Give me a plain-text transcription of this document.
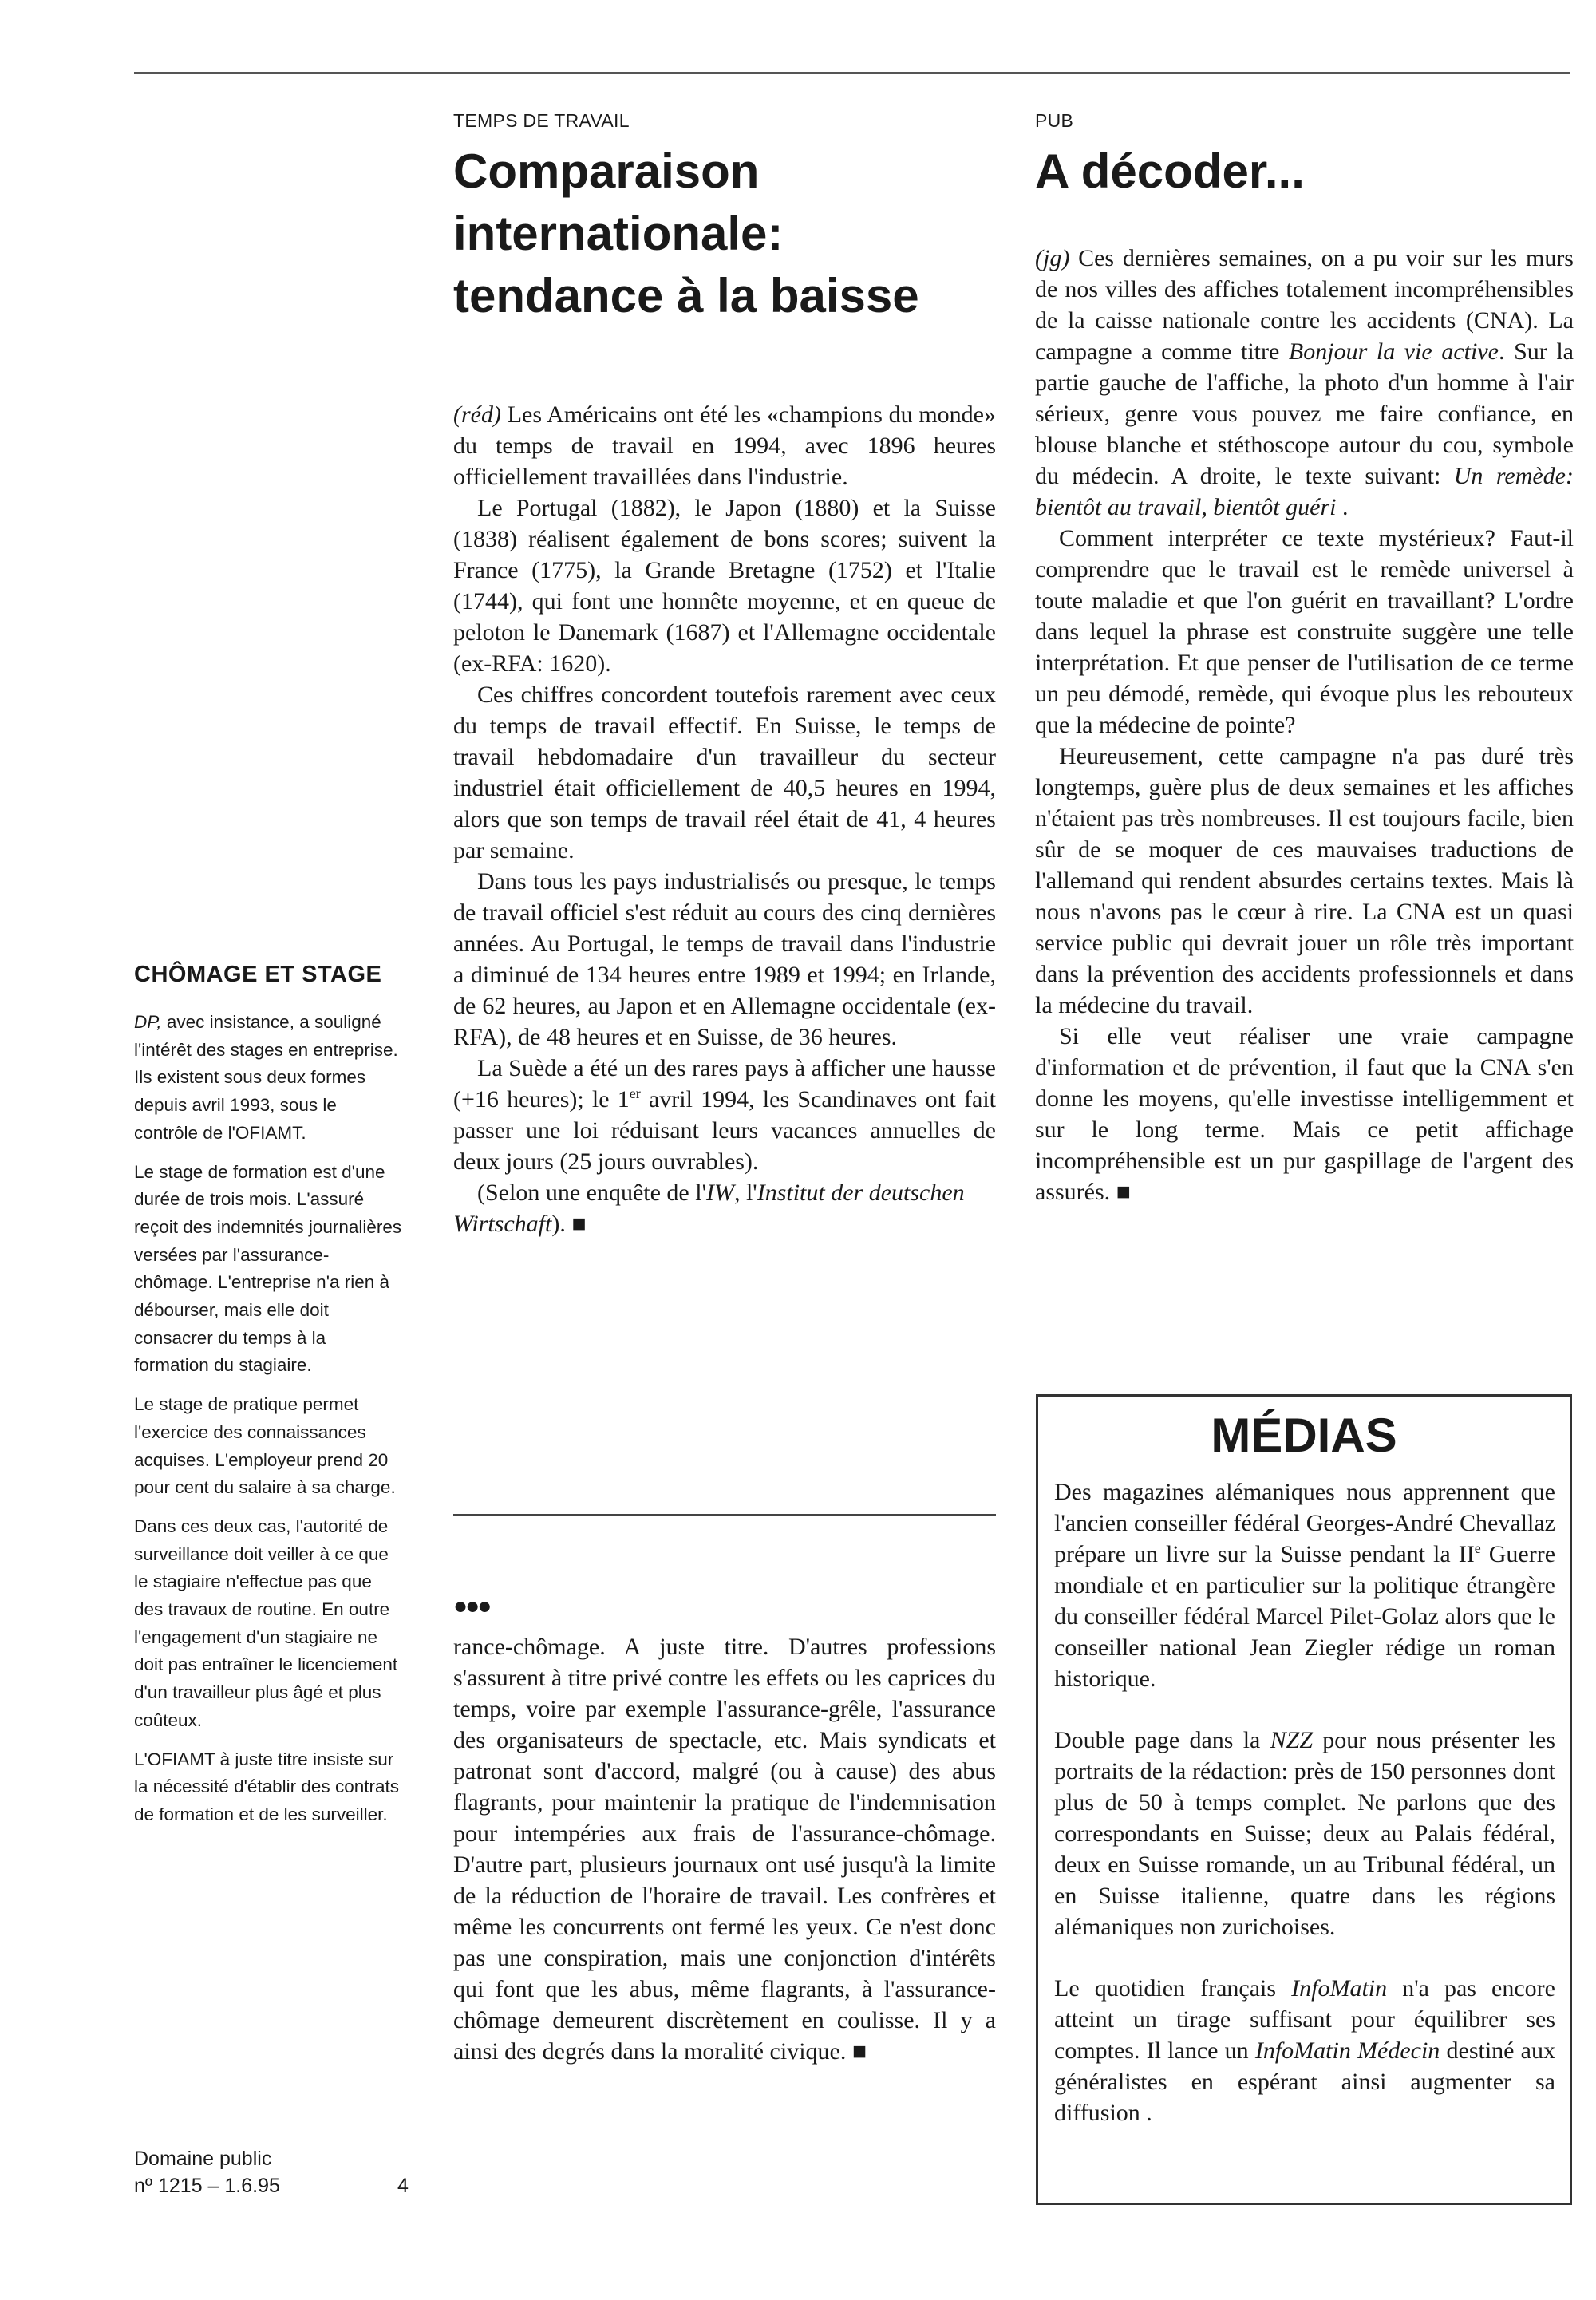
CHÔMAGE ET STAGE

DP, avec insistance, a souligné l'intérêt des stages en entreprise. Ils existent sous deux formes depuis avril 1993, sous le contrôle de l'OFIAMT.

Le stage de formation est d'une durée de trois mois. L'assuré reçoit des indemnités journalières versées par l'assurance-chômage. L'entreprise n'a rien à débourser, mais elle doit consacrer du temps à la formation du stagiaire.

Le stage de pratique permet l'exercice des connaissances acquises. L'employeur prend 20 pour cent du salaire à sa charge.

Dans ces deux cas, l'autorité de surveillance doit veiller à ce que le stagiaire n'effectue pas que des travaux de routine. En outre l'engagement d'un stagiaire ne doit pas entraîner le licenciement d'un travailleur plus âgé et plus coûteux.

L'OFIAMT à juste titre insiste sur la nécessité d'établir des contrats de formation et de les surveiller.

Domaine public
nº 1215 – 1.6.95	4
TEMPS DE TRAVAIL
Comparaison
internationale:
tendance à la baisse

(réd) Les Américains ont été les «champions du monde» du temps de travail en 1994, avec 1896 heures officiellement travaillées dans l'industrie.

Le Portugal (1882), le Japon (1880) et la Suisse (1838) réalisent également de bons scores; suivent la France (1775), la Grande Bretagne (1752) et l'Italie (1744), qui font une honnête moyenne, et en queue de peloton le Danemark (1687) et l'Allemagne occidentale (ex-RFA: 1620).

Ces chiffres concordent toutefois rarement avec ceux du temps de travail effectif. En Suisse, le temps de travail hebdomadaire d'un travailleur du secteur industriel était officiellement de 40,5 heures en 1994, alors que son temps de travail réel était de 41, 4 heures par semaine.

Dans tous les pays industrialisés ou presque, le temps de travail officiel s'est réduit au cours des cinq dernières années. Au Portugal, le temps de travail dans l'industrie a diminué de 134 heures entre 1989 et 1994; en Irlande, de 62 heures, au Japon et en Allemagne occidentale (ex-RFA), de 48 heures et en Suisse, de 36 heures.

La Suède a été un des rares pays à afficher une hausse (+16 heures); le 1er avril 1994, les Scandinaves ont fait passer une loi réduisant leurs vacances annuelles de deux jours (25 jours ouvrables).

(Selon une enquête de l'IW, l'Institut der deutschen Wirtschaft). ■

●●●

rance-chômage. A juste titre. D'autres professions s'assurent à titre privé contre les effets ou les caprices du temps, voire par exemple l'assurance-grêle, l'assurance des organisateurs de spectacle, etc. Mais syndicats et patronat sont d'accord, malgré (ou à cause) des abus flagrants, pour maintenir la pratique de l'indemnisation pour intempéries aux frais de l'assurance-chômage. D'autre part, plusieurs journaux ont usé jusqu'à la limite de la réduction de l'horaire de travail. Les confrères et même les concurrents ont fermé les yeux. Ce n'est donc pas une conspiration, mais une conjonction d'intérêts qui font que les abus, même flagrants, à l'assurance-chômage demeurent discrètement en coulisse. Il y a ainsi des degrés dans la moralité civique. ■

PUB
A décoder...

(jg) Ces dernières semaines, on a pu voir sur les murs de nos villes des affiches totalement incompréhensibles de la caisse nationale contre les accidents (CNA). La campagne a comme titre Bonjour la vie active. Sur la partie gauche de l'affiche, la photo d'un homme à l'air sérieux, genre vous pouvez me faire confiance, en blouse blanche et stéthoscope autour du cou, symbole du médecin. A droite, le texte suivant: Un remède: bientôt au travail, bientôt guéri .

Comment interpréter ce texte mystérieux? Faut-il comprendre que le travail est le remède universel à toute maladie et que l'on guérit en travaillant? L'ordre dans lequel la phrase est construite suggère une telle interprétation. Et que penser de l'utilisation de ce terme un peu démodé, remède, qui évoque plus les rebouteux que la médecine de pointe?

Heureusement, cette campagne n'a pas duré très longtemps, guère plus de deux semaines et les affiches n'étaient pas très nombreuses. Il est toujours facile, bien sûr de se moquer de ces mauvaises traductions de l'allemand qui rendent absurdes certains textes. Mais là nous n'avons pas le cœur à rire. La CNA est un quasi service public qui devrait jouer un rôle très important dans la prévention des accidents professionnels et dans la médecine du travail.

Si elle veut réaliser une vraie campagne d'information et de prévention, il faut que la CNA s'en donne les moyens, qu'elle investisse intelligemment et sur le long terme. Mais ce petit affichage incompréhensible est un pur gaspillage de l'argent des assurés. ■

MÉDIAS

Des magazines alémaniques nous apprennent que l'ancien conseiller fédéral Georges-André Chevallaz prépare un livre sur la Suisse pendant la IIe Guerre mondiale et en particulier sur la politique étrangère du conseiller fédéral Marcel Pilet-Golaz alors que le conseiller national Jean Ziegler rédige un roman historique.

Double page dans la NZZ pour nous présenter les portraits de la rédaction: près de 150 personnes dont plus de 50 à temps complet. Ne parlons que des correspondants en Suisse; deux au Palais fédéral, deux en Suisse romande, un au Tribunal fédéral, un en Suisse italienne, quatre dans les régions alémaniques non zurichoises.

Le quotidien français InfoMatin n'a pas encore atteint un tirage suffisant pour équilibrer ses comptes. Il lance un InfoMatin Médecin destiné aux généralistes en espérant ainsi augmenter sa diffusion .
